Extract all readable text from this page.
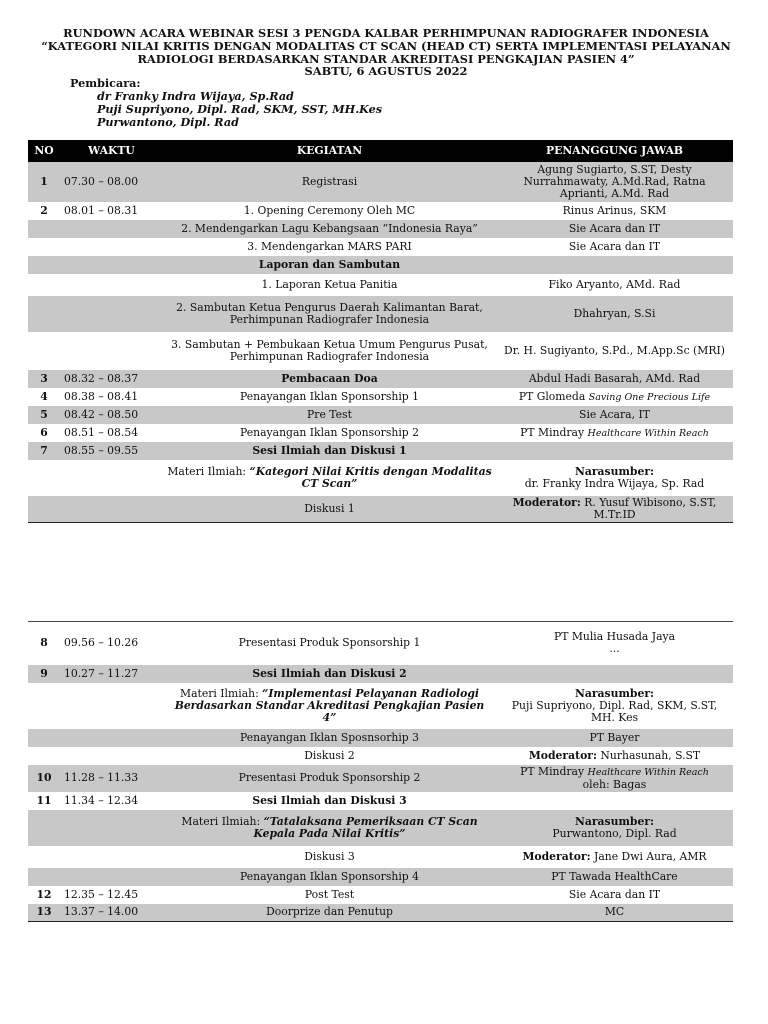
RUNDOWN ACARA WEBINAR SESI 3 PENGDA KALBAR PERHIMPUNAN RADIOGRAFER INDONESIA
“KATEGORI NILAI KRITIS DENGAN MODALITAS CT SCAN (HEAD CT) SERTA IMPLEMENTASI PELAYANAN
RADIOLOGI BERDASARKAN STANDAR AKREDITASI PENGKAJIAN PASIEN 4”
SABTU, 6 AGUSTUS 2022
Pembicara:
dr Franky Indra Wijaya, Sp.Rad
Puji Supriyono, Dipl. Rad, SKM, SST, MH.Kes
Purwantono, Dipl. Rad
NO	WAKTU	KEGIATAN	PENANGGUNG JAWAB
1	07.30 – 08.00	Registrasi	Agung Sugiarto, S.ST, Desty Nurrahmawaty, A.Md.Rad, Ratna Aprianti, A.Md. Rad
2	08.01 – 08.31	1. Opening Ceremony Oleh MC	Rinus Arinus, SKM
		2. Mendengarkan Lagu Kebangsaan “Indonesia Raya”	Sie Acara dan IT
		3. Mendengarkan MARS PARI	Sie Acara dan IT
		Laporan dan Sambutan	
		1. Laporan Ketua Panitia	Fiko Aryanto, AMd. Rad
		2. Sambutan Ketua Pengurus Daerah Kalimantan Barat, Perhimpunan Radiografer Indonesia	Dhahryan, S.Si
		3. Sambutan + Pembukaan Ketua Umum Pengurus Pusat, Perhimpunan Radiografer Indonesia	Dr. H. Sugiyanto, S.Pd., M.App.Sc (MRI)
3	08.32 – 08.37	Pembacaan Doa	Abdul Hadi Basarah, AMd. Rad
4	08.38 – 08.41	Penayangan Iklan Sponsorship 1	PT Glomeda Saving One Precious Life
5	08.42 – 08.50	Pre Test	Sie Acara, IT
6	08.51 – 08.54	Penayangan Iklan Sponsorship 2	PT Mindray Healthcare Within Reach
7	08.55 – 09.55	Sesi Ilmiah dan Diskusi 1	
		Materi Ilmiah: “Kategori Nilai Kritis dengan Modalitas CT Scan”	Narasumber:
dr. Franky Indra Wijaya, Sp. Rad

		Diskusi 1	Moderator: R. Yusuf Wibisono, S.ST, M.Tr.ID
8	09.56 – 10.26	Presentasi Produk Sponsorship 1	PT Mulia Husada Jaya
...

9	10.27 – 11.27	Sesi Ilmiah dan Diskusi 2	
		Materi Ilmiah: “Implementasi Pelayanan Radiologi Berdasarkan Standar Akreditasi Pengkajian Pasien 4”	Narasumber:
Puji Supriyono, Dipl. Rad, SKM, S.ST, MH. Kes

		Penayangan Iklan Sposnsorhip 3	PT Bayer
		Diskusi 2	Moderator: Nurhasunah, S.ST
10	11.28 – 11.33	Presentasi Produk Sponsorship 2	PT Mindray Healthcare Within Reach
oleh: Bagas

11	11.34 – 12.34	Sesi Ilmiah dan Diskusi 3	
		Materi Ilmiah: “Tatalaksana Pemeriksaan CT Scan Kepala Pada Nilai Kritis”	Narasumber:
Purwantono, Dipl. Rad

		Diskusi 3	Moderator: Jane Dwi Aura, AMR
		Penayangan Iklan Sponsorship 4	PT Tawada HealthCare
12	12.35 – 12.45	Post Test	Sie Acara dan IT
13	13.37 – 14.00	Doorprize dan Penutup	MC
